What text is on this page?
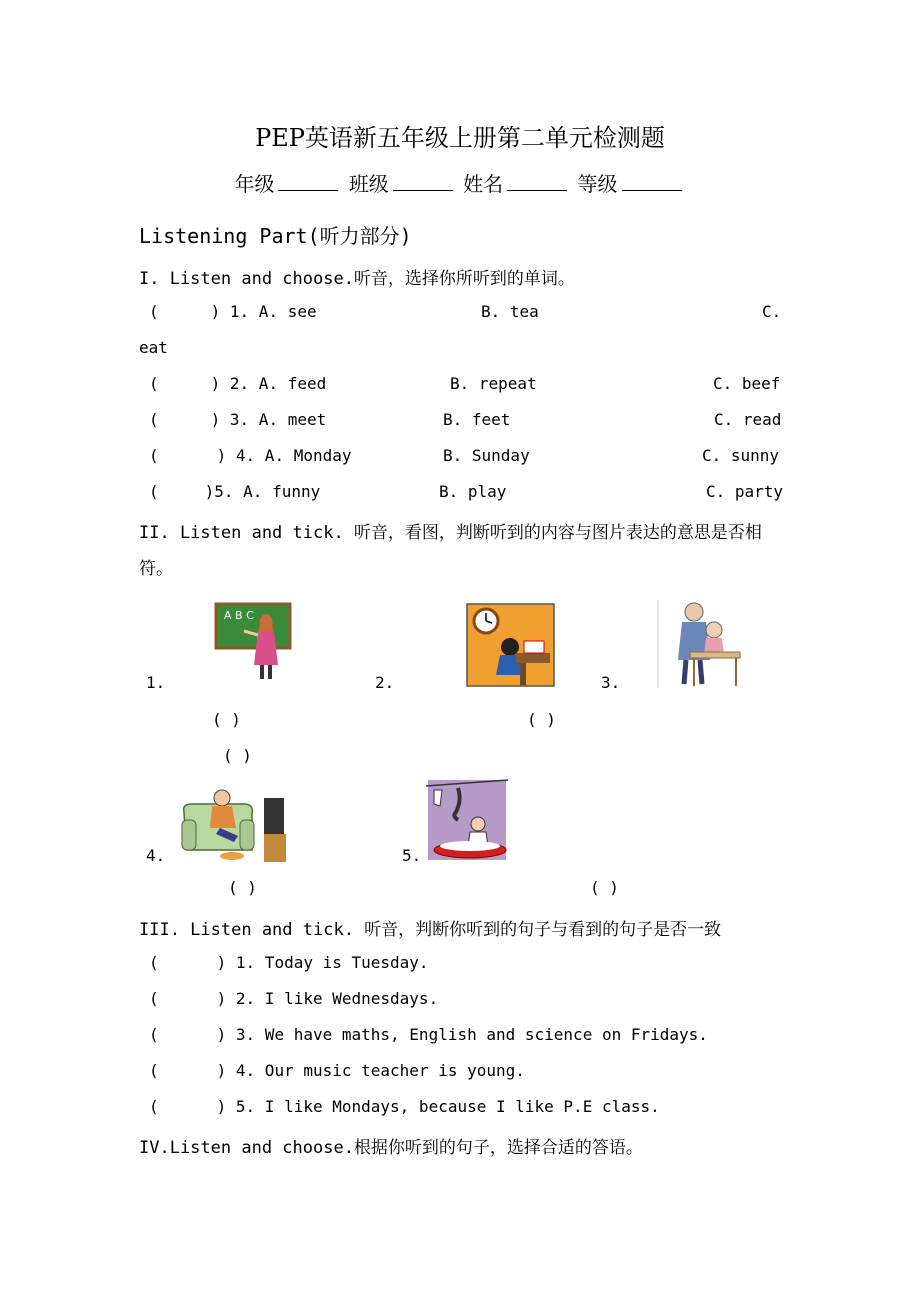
PEP英语新五年级上册第二单元检测题
年级	班级	姓名	等级
Listening Part(听力部分)
I. Listen and choose.听音，选择你所听到的单词。
(	) 1. A. see	B. tea	C.
eat
(	) 2. A. feed	B. repeat	C. beef
(	) 3. A. meet	B. feet	C. read
(	) 4. A. Monday	B. Sunday	C. sunny
(	)5. A. funny	B. play	C. party
II. Listen and tick. 听音，看图，判断听到的内容与图片表达的意思是否相
符。
A B C
1.
( )
2.
( )
3.
( )
4.
( )
5.
( )
III. Listen and tick. 听音，判断你听到的句子与看到的句子是否一致
(	) 1. Today is Tuesday.
(	) 2. I like Wednesdays.
(	) 3. We have maths, English and science on Fridays.
(	) 4. Our music teacher is young.
(	) 5. I like Mondays, because I like P.E class.
IV.Listen and choose.根据你听到的句子，选择合适的答语。
